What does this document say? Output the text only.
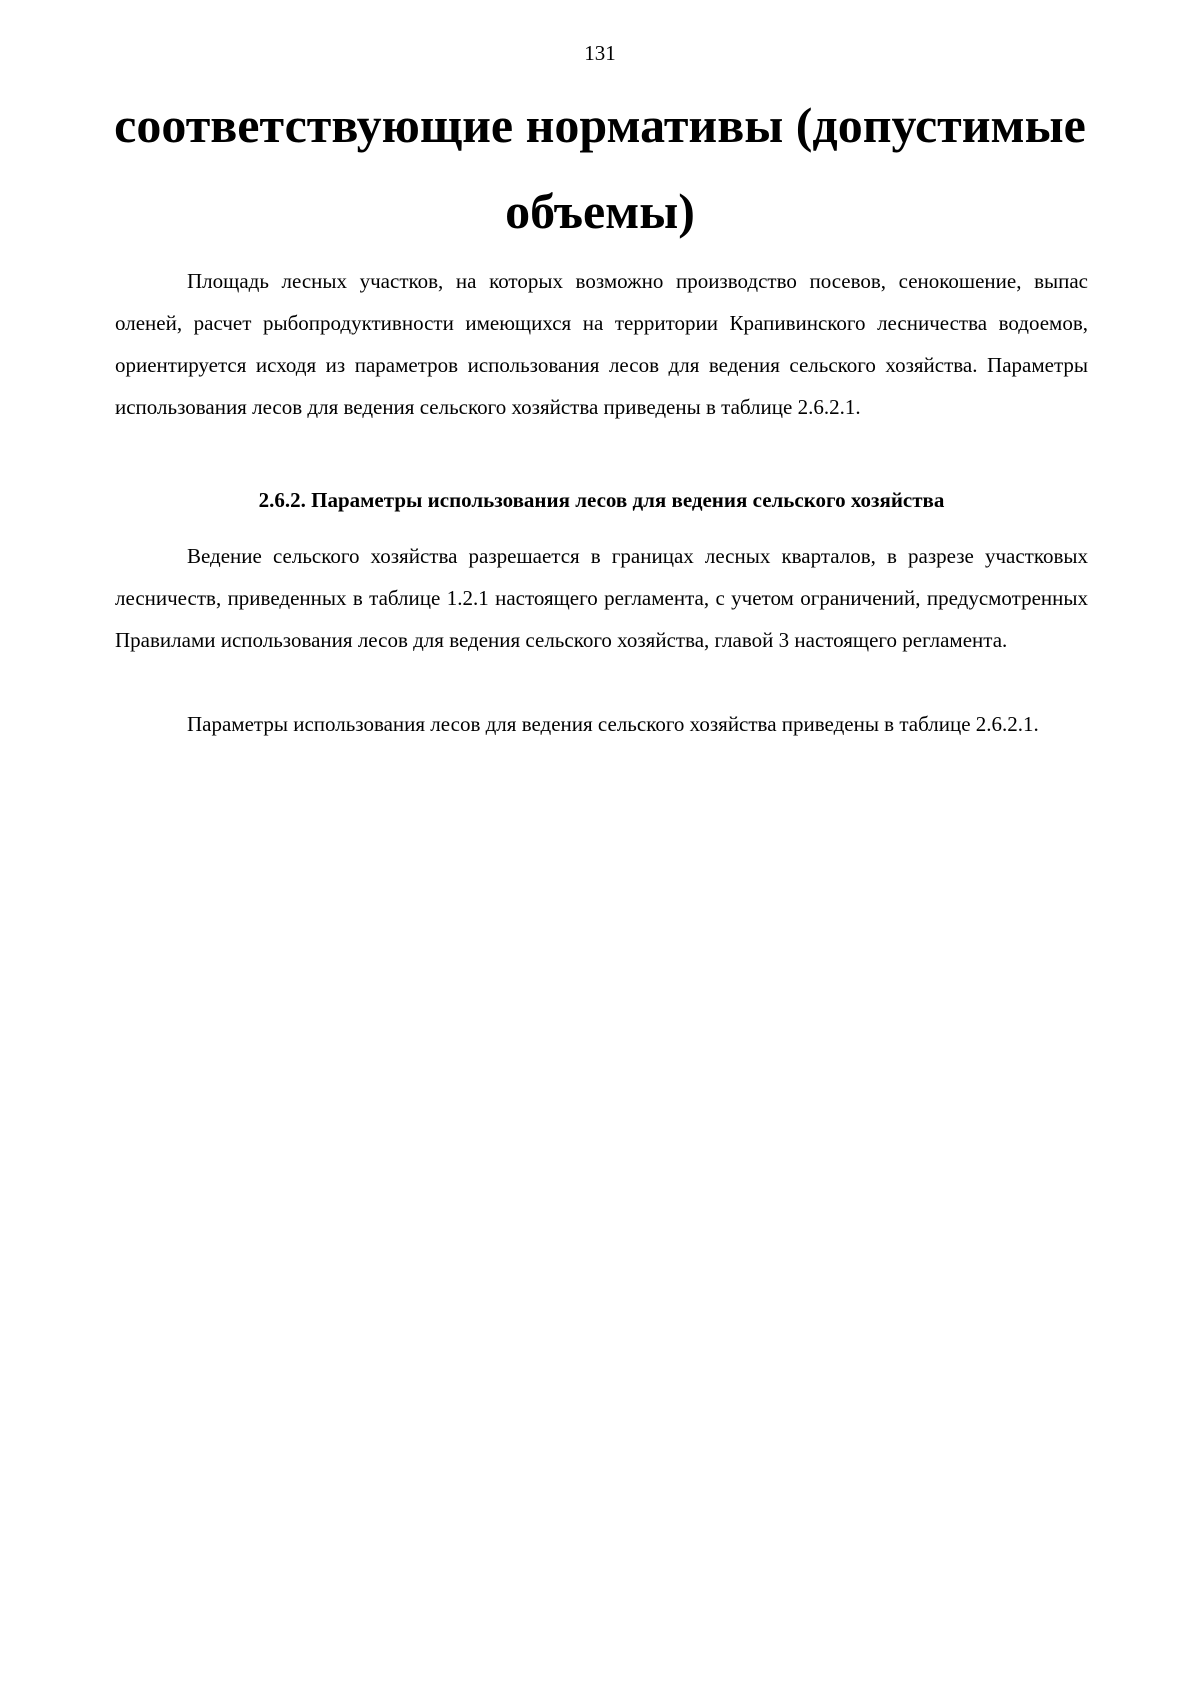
131
соответствующие нормативы (допустимые
объемы)

Площадь лесных участков, на которых возможно производство посевов, сенокошение, выпас оленей, расчет рыбопродуктивности имеющихся на территории Крапивинского лесничества водоемов, ориентируется исходя из параметров использования лесов для ведения сельского хозяйства. Параметры использования лесов для ведения сельского хозяйства приведены в таблице 2.6.2.1.

2.6.2. Параметры использования лесов для ведения сельского хозяйства

Ведение сельского хозяйства разрешается в границах лесных кварталов, в разрезе участковых лесничеств, приведенных в таблице 1.2.1 настоящего регламента, с учетом ограничений, предусмотренных Правилами использования лесов для ведения сельского хозяйства, главой 3 настоящего регламента.

Параметры использования лесов для ведения сельского хозяйства приведены в таблице 2.6.2.1.
